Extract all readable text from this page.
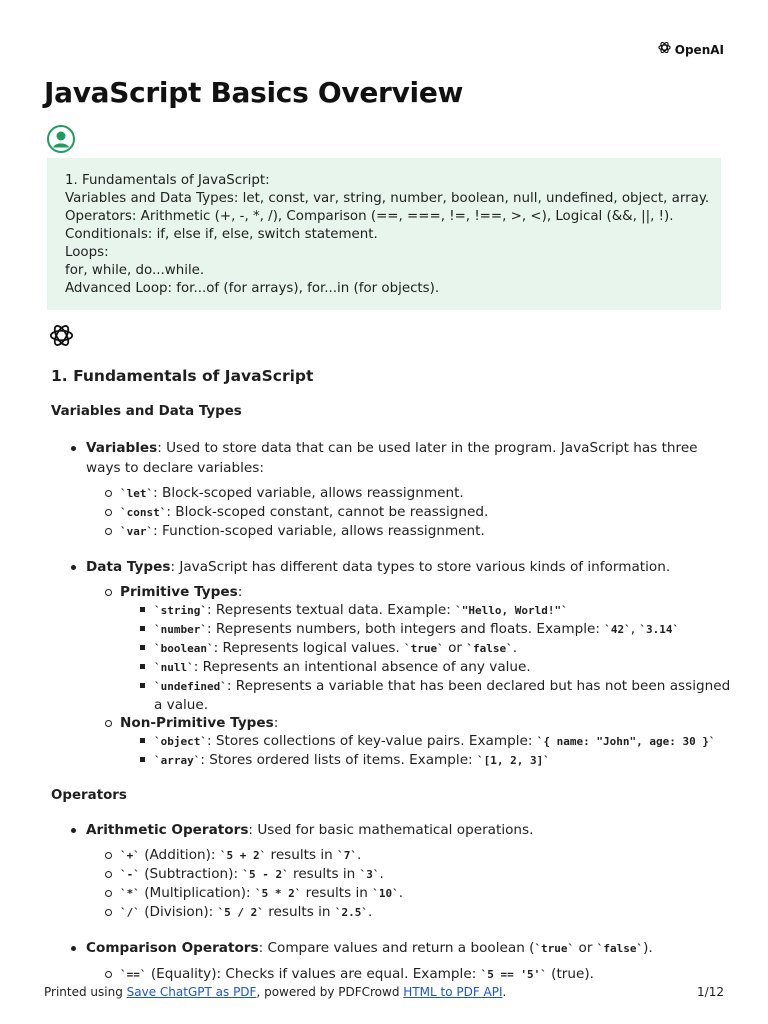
OpenAI
JavaScript Basics Overview
1. Fundamentals of JavaScript:
Variables and Data Types: let, const, var, string, number, boolean, null, undefined, object, array.
Operators: Arithmetic (+, -, *, /), Comparison (==, ===, !=, !==, >, <), Logical (&&, ||, !).
Conditionals: if, else if, else, switch statement.
Loops:
for, while, do...while.
Advanced Loop: for...of (for arrays), for...in (for objects).
1. Fundamentals of JavaScript
Variables and Data Types
Variables: Used to store data that can be used later in the program. JavaScript has three ways to declare variables:
`let`: Block-scoped variable, allows reassignment.
`const`: Block-scoped constant, cannot be reassigned.
`var`: Function-scoped variable, allows reassignment.
Data Types: JavaScript has different data types to store various kinds of information.
Primitive Types:
`string`: Represents textual data. Example: `"Hello, World!"`
`number`: Represents numbers, both integers and floats. Example: `42`, `3.14`
`boolean`: Represents logical values. `true` or `false`.
`null`: Represents an intentional absence of any value.
`undefined`: Represents a variable that has been declared but has not been assigned a value.
Non-Primitive Types:
`object`: Stores collections of key-value pairs. Example: `{ name: "John", age: 30 }`
`array`: Stores ordered lists of items. Example: `[1, 2, 3]`
Operators
Arithmetic Operators: Used for basic mathematical operations.
`+` (Addition): `5 + 2` results in `7`.
`-` (Subtraction): `5 - 2` results in `3`.
`*` (Multiplication): `5 * 2` results in `10`.
`/` (Division): `5 / 2` results in `2.5`.
Comparison Operators: Compare values and return a boolean (`true` or `false`).
`==` (Equality): Checks if values are equal. Example: `5 == '5'` (true).
Printed using Save ChatGPT as PDF, powered by PDFCrowd HTML to PDF API.	1/12
